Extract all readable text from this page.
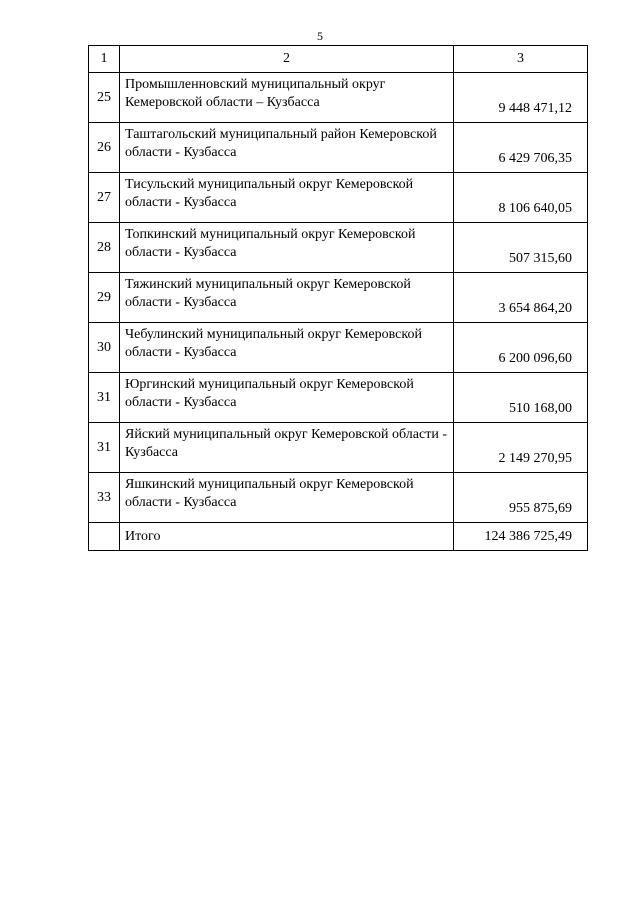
5
1	2	3
25	Промышленновский муниципальный округ Кемеровской области – Кузбасса	9 448 471,12
26	Таштагольский муниципальный район Кемеровской области - Кузбасса	6 429 706,35
27	Тисульский муниципальный округ Кемеровской области - Кузбасса	8 106 640,05
28	Топкинский муниципальный округ Кемеровской области - Кузбасса	507 315,60
29	Тяжинский муниципальный округ Кемеровской области - Кузбасса	3 654 864,20
30	Чебулинский муниципальный округ Кемеровской области - Кузбасса	6 200 096,60
31	Юргинский муниципальный округ Кемеровской области - Кузбасса	510 168,00
31	Яйский муниципальный округ Кемеровской области - Кузбасса	2 149 270,95
33	Яшкинский муниципальный округ Кемеровской области - Кузбасса	955 875,69
	Итого	124 386 725,49
